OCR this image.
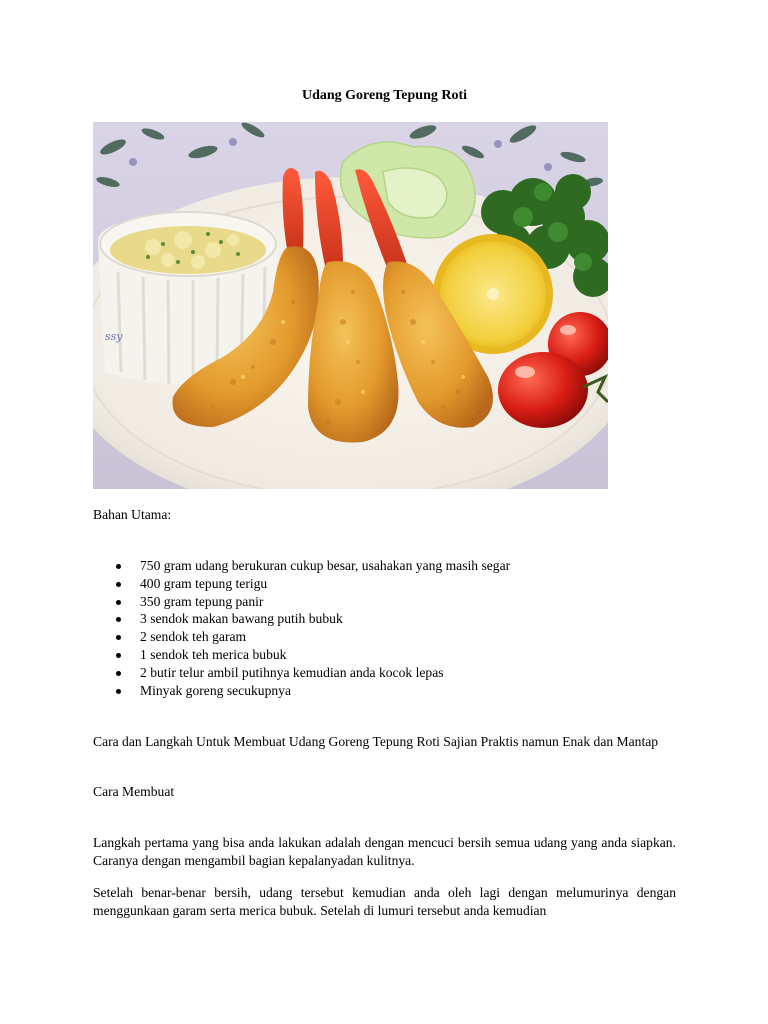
Udang Goreng Tepung Roti
ssy
Bahan Utama:
750 gram udang berukuran cukup besar, usahakan yang masih segar
400 gram tepung terigu
350 gram tepung panir
3 sendok makan bawang putih bubuk
2 sendok teh garam
1 sendok teh merica bubuk
2 butir telur ambil putihnya kemudian anda kocok lepas
Minyak goreng secukupnya
Cara dan Langkah Untuk Membuat Udang Goreng Tepung Roti Sajian Praktis namun Enak dan Mantap
Cara Membuat
Langkah pertama yang bisa anda lakukan adalah dengan mencuci bersih semua udang yang anda siapkan. Caranya dengan mengambil bagian kepalanyadan kulitnya.
Setelah benar-benar bersih, udang tersebut kemudian anda oleh lagi dengan melumurinya dengan menggunkaan garam serta merica bubuk. Setelah di lumuri tersebut anda kemudian
